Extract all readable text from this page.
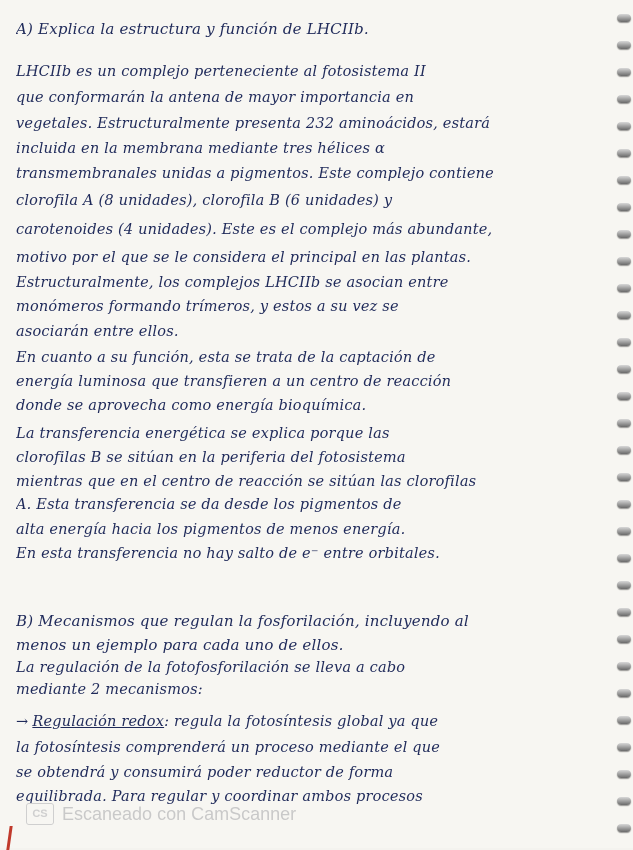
A) Explica la estructura y función de LHCIIb.
LHCIIb es un complejo perteneciente al fotosistema II
que conformarán la antena de mayor importancia en
vegetales. Estructuralmente presenta 232 aminoácidos, estará
incluida en la membrana mediante tres hélices α
transmembranales unidas a pigmentos. Este complejo contiene
clorofila A (8 unidades), clorofila B (6 unidades) y
carotenoides (4 unidades). Este es el complejo más abundante,
motivo por el que se le considera el principal en las plantas.
Estructuralmente, los complejos LHCIIb se asocian entre
monómeros formando trímeros, y estos a su vez se
asociarán entre ellos.
En cuanto a su función, esta se trata de la captación de
energía luminosa que transfieren a un centro de reacción
donde se aprovecha como energía bioquímica.
La transferencia energética se explica porque las
clorofilas B se sitúan en la periferia del fotosistema
mientras que en el centro de reacción se sitúan las clorofilas
A. Esta transferencia se da desde los pigmentos de
alta energía hacia los pigmentos de menos energía.
En esta transferencia no hay salto de e⁻ entre orbitales.
B) Mecanismos que regulan la fosforilación, incluyendo al
menos un ejemplo para cada uno de ellos.
La regulación de la fotofosforilación se lleva a cabo
mediante 2 mecanismos:
→ Regulación redox: regula la fotosíntesis global ya que
la fotosíntesis comprenderá un proceso mediante el que
se obtendrá y consumirá poder reductor de forma
equilibrada. Para regular y coordinar ambos procesos
CS Escaneado con CamScanner
